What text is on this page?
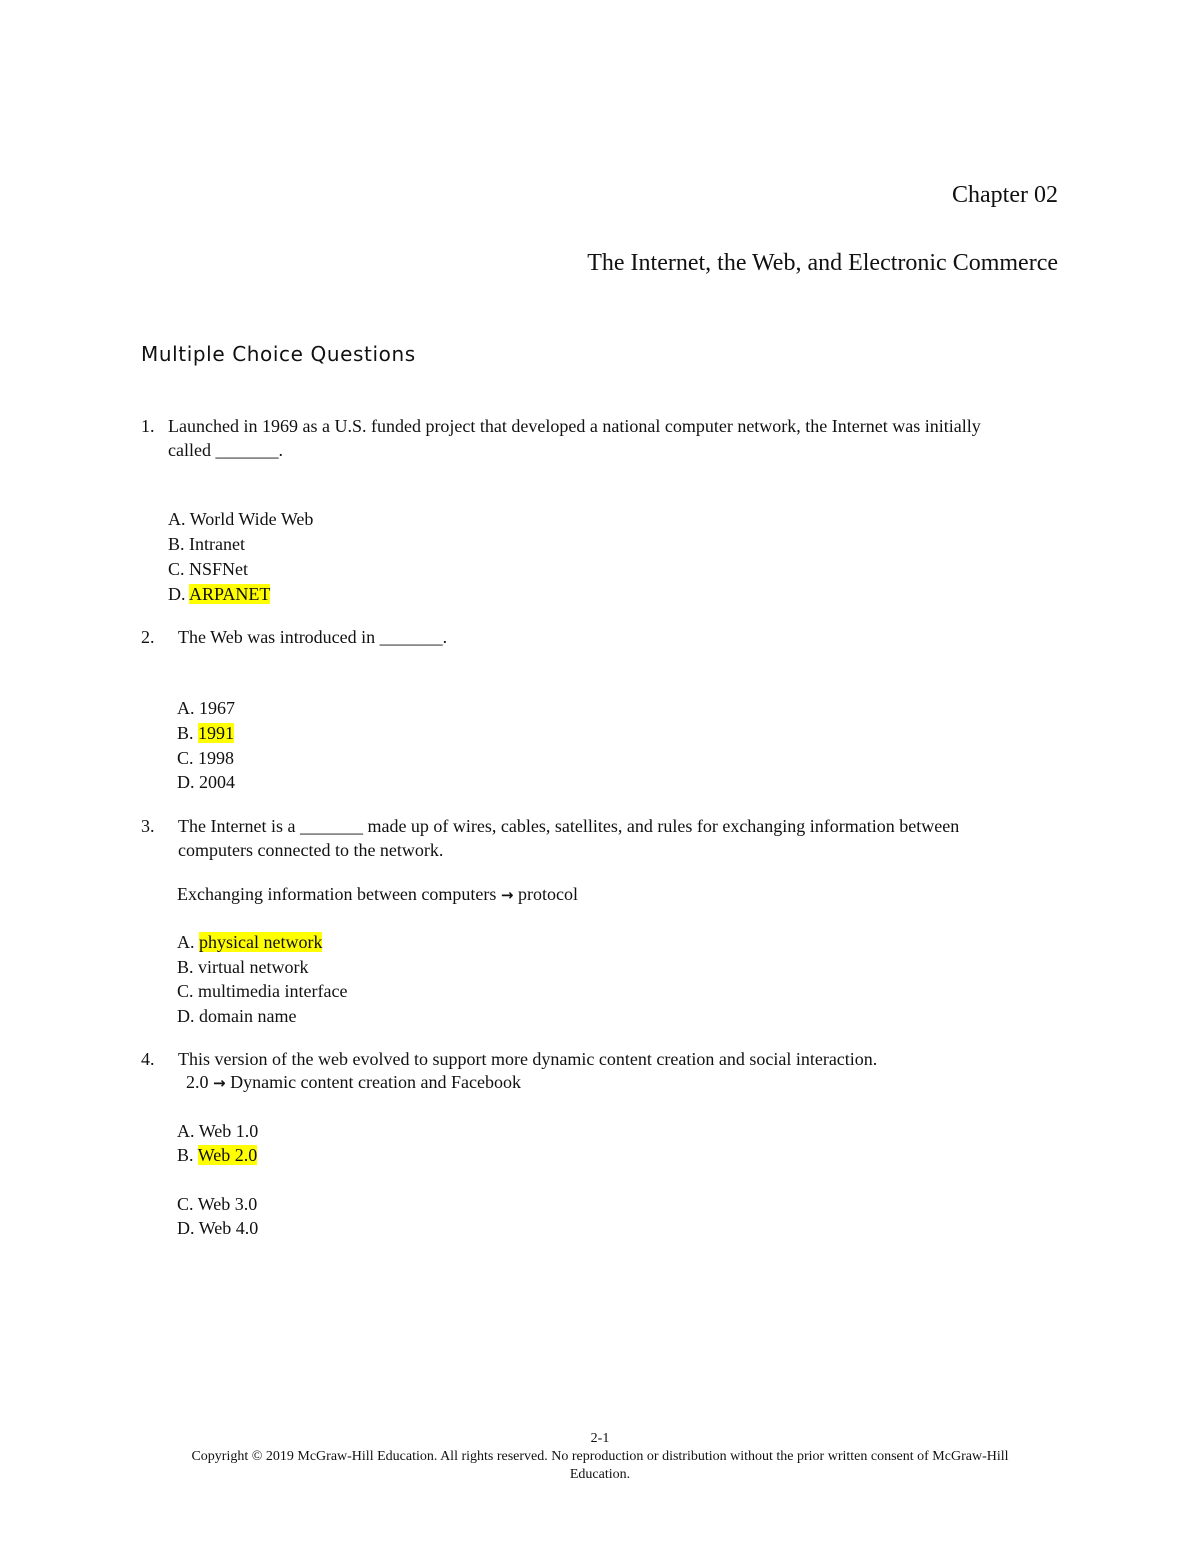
Chapter 02
The Internet, the Web, and Electronic Commerce
Multiple Choice Questions
1. Launched in 1969 as a U.S. funded project that developed a national computer network, the Internet was initially
called _______.
A. World Wide Web
B. Intranet
C. NSFNet
D. ARPANET
2. The Web was introduced in _______.
A. 1967
B. 1991
C. 1998
D. 2004
3. The Internet is a _______ made up of wires, cables, satellites, and rules for exchanging information between
computers connected to the network.
Exchanging information between computers → protocol
A. physical network
B. virtual network
C. multimedia interface
D. domain name
4. This version of the web evolved to support more dynamic content creation and social interaction.
2.0 → Dynamic content creation and Facebook
A. Web 1.0
B. Web 2.0
C. Web 3.0
D. Web 4.0
2-1
Copyright © 2019 McGraw-Hill Education. All rights reserved. No reproduction or distribution without the prior written consent of McGraw-Hill
Education.
